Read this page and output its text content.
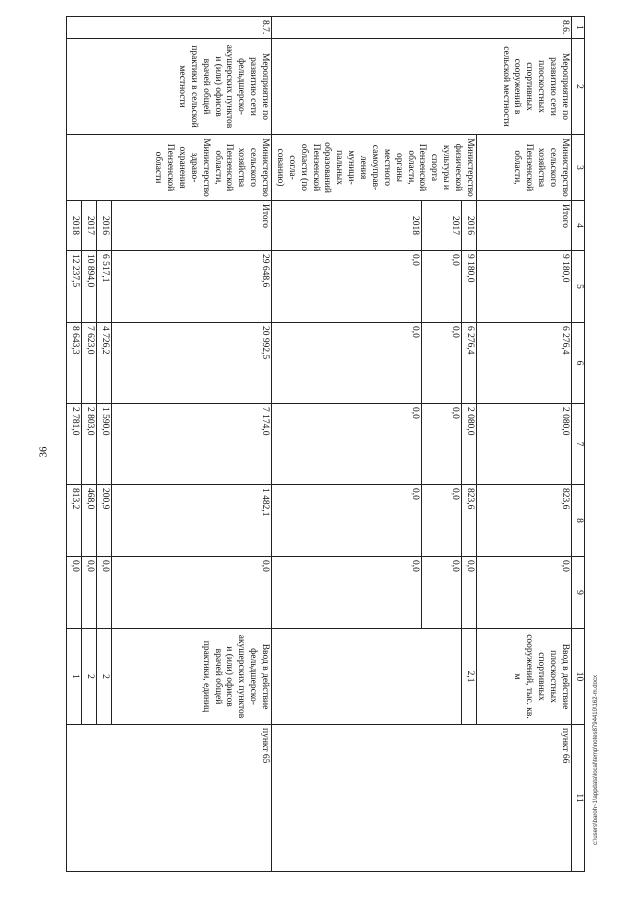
36
c:\users\baroh~1\appdata\local\temp\notes8794410\162-m.docx
1	2	3	4	5	6	7	8	9	10	11
8.6.	Мероприятие по развитию сети плоскостных спортивных сооружений в сельской местности	Министерство сельского хозяйства Пензенской области,	Итого	9 180,0	6 276,4	2 080,0	823,6	0,0	Ввод в действие плоскостных спортивных сооружений, тыс. кв. м	пункт 66
		Министерство физической культуры и спорта Пензенской области, органы местного самоуправ-ления муници-пальных образований Пензенской области (по согла-сованию)	2016	9 180,0	6 276,4	2 080,0	823,6	0,0	2,1	
			2017	0,0	0,0	0,0	0,0	0,0		
			2018	0,0	0,0	0,0	0,0	0,0		
8.7.	Мероприятие по развитию сети фельдшерско-акушерских пунктов и (или) офисов врачей общей практики в сельской местности	Министерство сельского хозяйства Пензенской области, Министерство здраво-охранения Пензенской области	Итого	29 648,6	20 992,5	7 174,0	1 482,1	0,0	Ввод в действие фельдшерско-акушерских пунктов и (или) офисов врачей общей практики, единиц	пункт 65
			2016	6 517,1	4 726,2	1 590,0	200,9	0,0	2	
			2017	10 894,0	7 623,0	2 803,0	468,0	0,0	2	
			2018	12 237,5	8 643,3	2 781,0	813,2	0,0	1	
